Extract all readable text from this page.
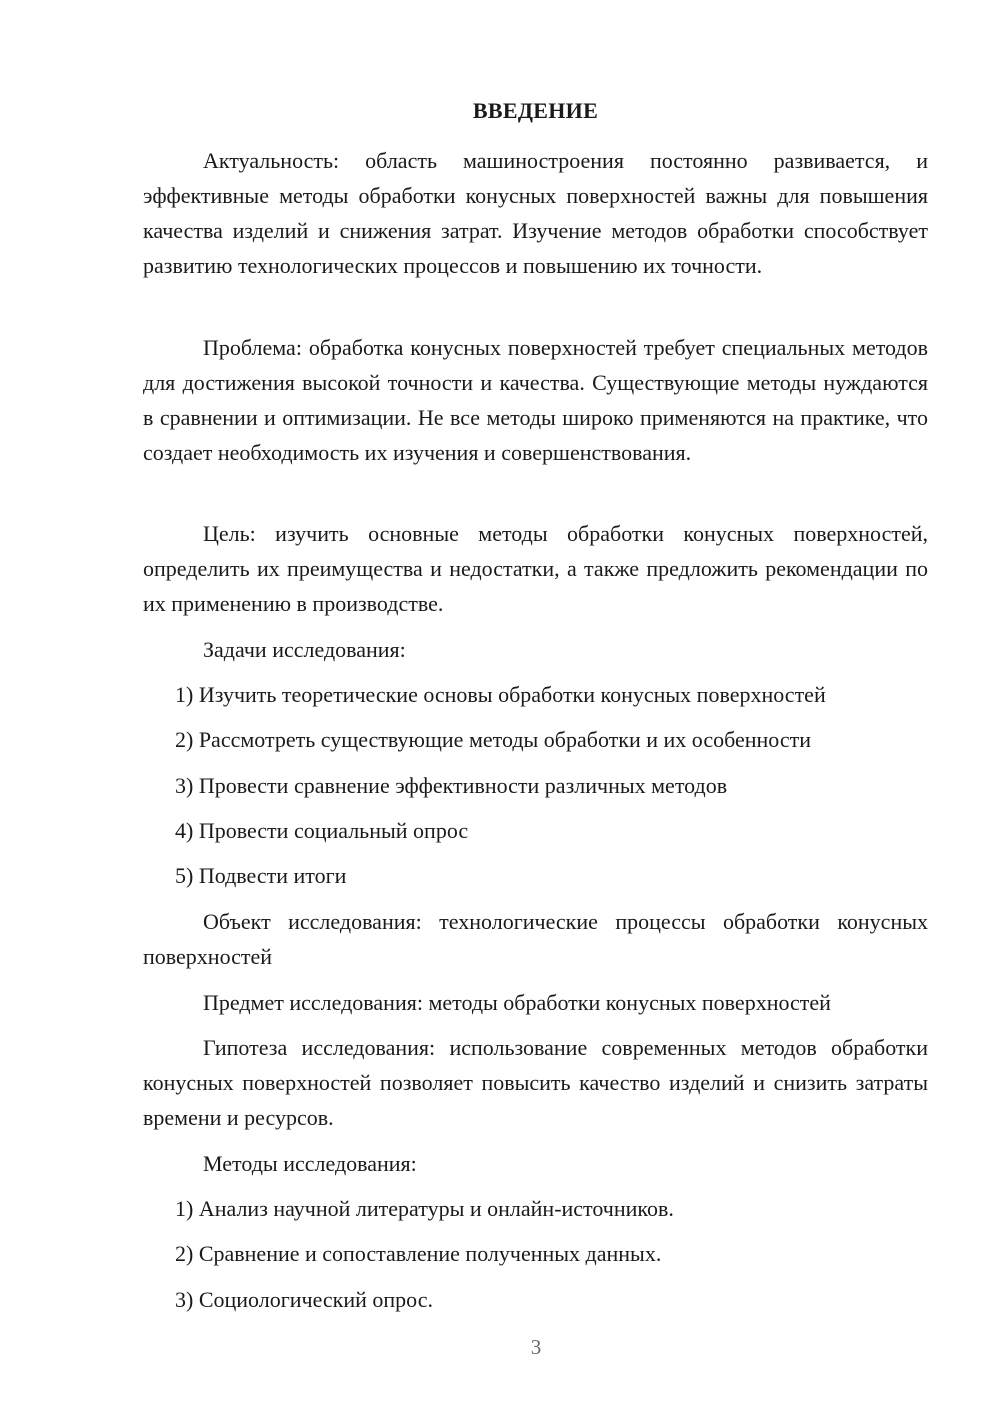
ВВЕДЕНИЕ

Актуальность: область машиностроения постоянно развивается, и эффективные методы обработки конусных поверхностей важны для повышения качества изделий и снижения затрат. Изучение методов обработки способствует развитию технологических процессов и повышению их точности.

Проблема: обработка конусных поверхностей требует специальных методов для достижения высокой точности и качества. Существующие методы нуждаются в сравнении и оптимизации. Не все методы широко применяются на практике, что создает необходимость их изучения и совершенствования.

Цель: изучить основные методы обработки конусных поверхностей, определить их преимущества и недостатки, а также предложить рекомендации по их применению в производстве.

Задачи исследования:

1) Изучить теоретические основы обработки конусных поверхностей

2) Рассмотреть существующие методы обработки и их особенности

3) Провести сравнение эффективности различных методов

4) Провести социальный опрос

5) Подвести итоги

Объект исследования: технологические процессы обработки конусных поверхностей

Предмет исследования: методы обработки конусных поверхностей

Гипотеза исследования: использование современных методов обработки конусных поверхностей позволяет повысить качество изделий и снизить затраты времени и ресурсов.

Методы исследования:

1) Анализ научной литературы и онлайн-источников.

2) Сравнение и сопоставление полученных данных.

3) Социологический опрос.

3
